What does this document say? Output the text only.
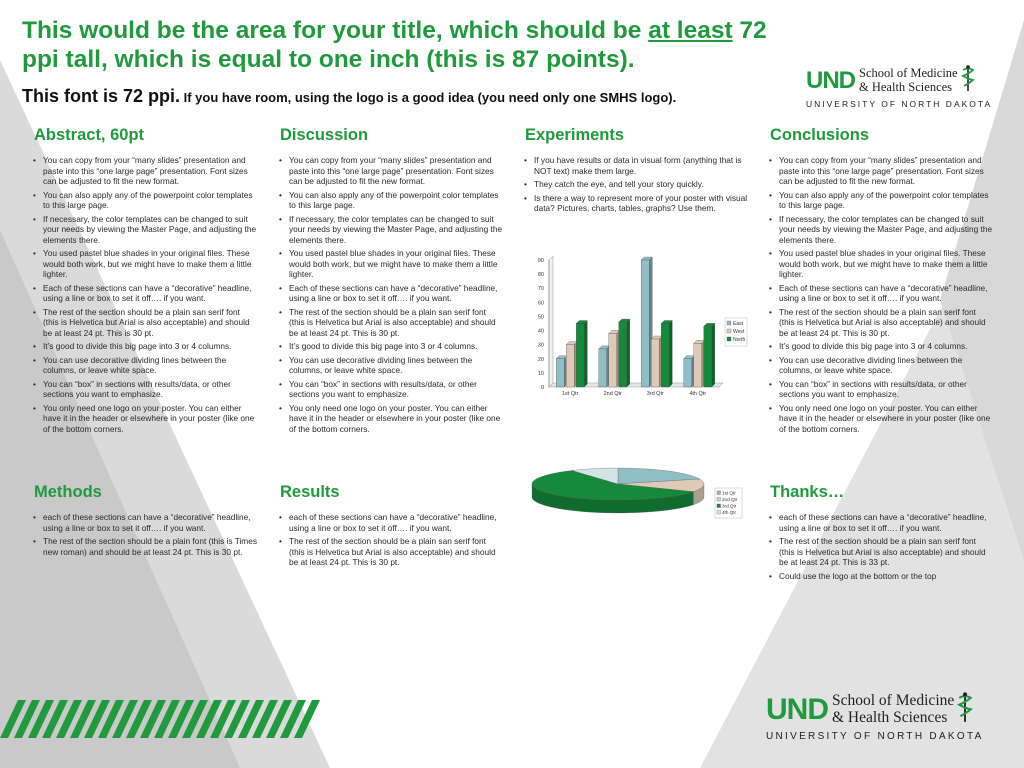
This would be the area for your title, which should be at least 72 ppi tall, which is equal to one inch (this is 87 points).
This font is 72 ppi. If you have room, using the logo is a good idea (you need only one SMHS logo).
UND School of Medicine
& Health Sciences
UNIVERSITY OF NORTH DAKOTA
UND School of Medicine
& Health Sciences
UNIVERSITY OF NORTH DAKOTA
Abstract, 60pt
• You can copy from your “many slides” presentation and paste into this “one large page” presentation. Font sizes can be adjusted to fit the new format.
• You can also apply any of the powerpoint color templates to this large page.
• If necessary, the color templates can be changed to suit your needs by viewing the Master Page, and adjusting the elements there.
• You used pastel blue shades in your original files. These would both work, but we might have to make them a little lighter.
• Each of these sections can have a “decorative” headline, using a line or box to set it off…. if you want.
• The rest of the section should be a plain san serif font (this is Helvetica but Arial is also acceptable) and should be at least 24 pt. This is 30 pt.
• It’s good to divide this big page into 3 or 4 columns.
• You can use decorative dividing lines between the columns, or leave white space.
• You can “box” in sections with results/data, or other sections you want to emphasize.
• You only need one logo on your poster. You can either have it in the header or elsewhere in your poster (like one of the bottom corners.
Discussion
• You can copy from your “many slides” presentation and paste into this “one large page” presentation. Font sizes can be adjusted to fit the new format.
• You can also apply any of the powerpoint color templates to this large page.
• If necessary, the color templates can be changed to suit your needs by viewing the Master Page, and adjusting the elements there.
• You used pastel blue shades in your original files. These would both work, but we might have to make them a little lighter.
• Each of these sections can have a “decorative” headline, using a line or box to set it off…. if you want.
• The rest of the section should be a plain san serif font (this is Helvetica but Arial is also acceptable) and should be at least 24 pt. This is 30 pt.
• It’s good to divide this big page into 3 or 4 columns.
• You can use decorative dividing lines between the columns, or leave white space.
• You can “box” in sections with results/data, or other sections you want to emphasize.
• You only need one logo on your poster. You can either have it in the header or elsewhere in your poster (like one of the bottom corners.
Experiments
• If you have results or data in visual form (anything that is NOT text) make them large.
• They catch the eye, and tell your story quickly.
• Is there a way to represent more of your poster with visual data? Pictures, charts, tables, graphs? Use them.
Conclusions
• You can copy from your “many slides” presentation and paste into this “one large page” presentation. Font sizes can be adjusted to fit the new format.
• You can also apply any of the powerpoint color templates to this large page.
• If necessary, the color templates can be changed to suit your needs by viewing the Master Page, and adjusting the elements there.
• You used pastel blue shades in your original files. These would both work, but we might have to make them a little lighter.
• Each of these sections can have a “decorative” headline, using a line or box to set it off…. if you want.
• The rest of the section should be a plain san serif font (this is Helvetica but Arial is also acceptable) and should be at least 24 pt. This is 30 pt.
• It’s good to divide this big page into 3 or 4 columns.
• You can use decorative dividing lines between the columns, or leave white space.
• You can “box” in sections with results/data, or other sections you want to emphasize.
• You only need one logo on your poster. You can either have it in the header or elsewhere in your poster (like one of the bottom corners.
Methods
• each of these sections can have a “decorative” headline, using a line or box to set it off…. if you want.
• The rest of the section should be a plain font (this is Times new roman) and should be at least 24 pt. This is 30 pt.
Results
• each of these sections can have a “decorative” headline, using a line or box to set it off…. if you want.
• The rest of the section should be a plain san serif font (this is Helvetica but Arial is also acceptable) and should be at least 24 pt. This is 30 pt.
Thanks…
• each of these sections can have a “decorative” headline, using a line or box to set it off…. if you want.
• The rest of the section should be a plain san serif font (this is Helvetica but Arial is also acceptable) and should be at least 24 pt. This is 33 pt.
• Could use the logo at the bottom or the top
0
10
20
30
40
50
60
70
80
90
1st Qtr	2nd Qtr	3rd Qtr	4th Qtr
East
West
North
1st Qtr
2nd Qtr
3rd Qtr
4th Qtr
